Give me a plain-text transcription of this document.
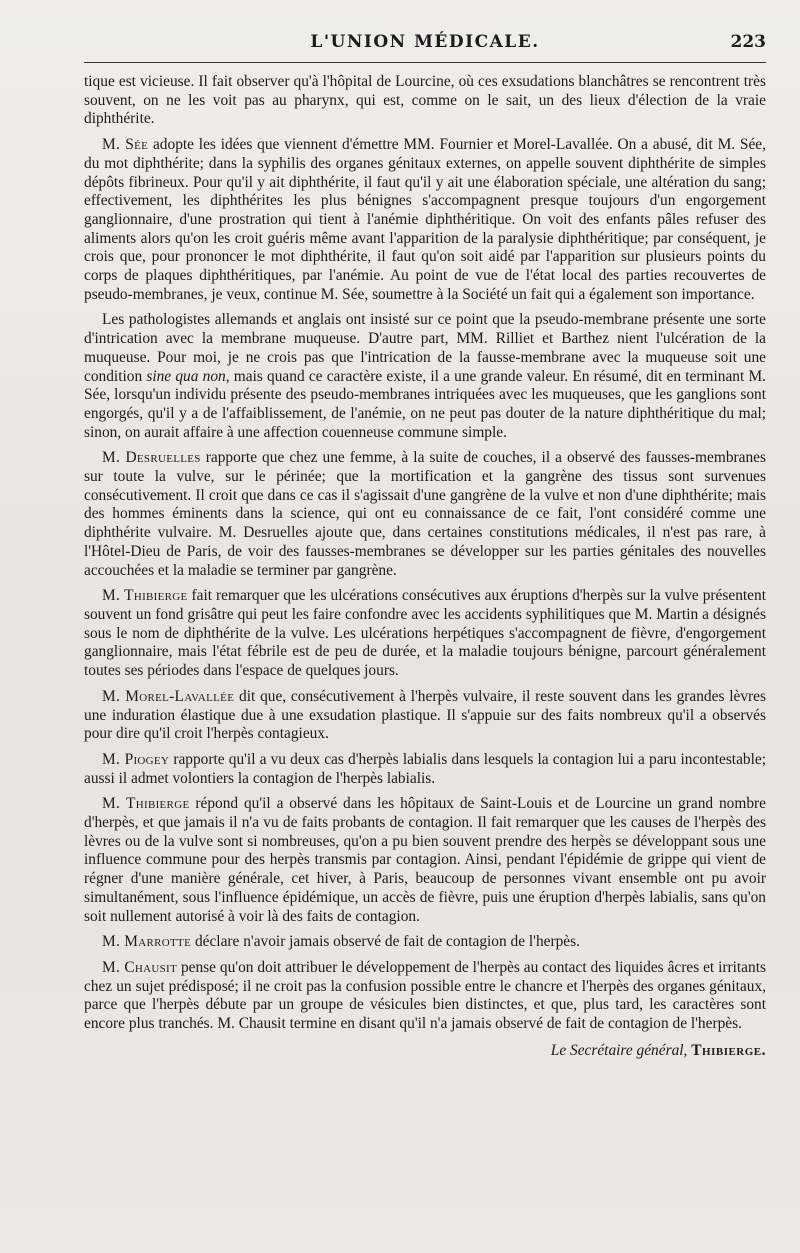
L'UNION MÉDICALE.	223

tique est vicieuse. Il fait observer qu'à l'hôpital de Lourcine, où ces exsudations blanchâtres se rencontrent très souvent, on ne les voit pas au pharynx, qui est, comme on le sait, un des lieux d'élection de la vraie diphthérite.

M. Sée adopte les idées que viennent d'émettre MM. Fournier et Morel-Lavallée. On a abusé, dit M. Sée, du mot diphthérite; dans la syphilis des organes génitaux externes, on appelle souvent diphthérite de simples dépôts fibrineux. Pour qu'il y ait diphthérite, il faut qu'il y ait une élaboration spéciale, une altération du sang; effectivement, les diphthérites les plus bénignes s'accompagnent presque toujours d'un engorgement ganglionnaire, d'une prostration qui tient à l'anémie diphthéritique. On voit des enfants pâles refuser des aliments alors qu'on les croit guéris même avant l'apparition de la paralysie diphthéritique; par conséquent, je crois que, pour prononcer le mot diphthérite, il faut qu'on soit aidé par l'apparition sur plusieurs points du corps de plaques diphthéritiques, par l'anémie. Au point de vue de l'état local des parties recouvertes de pseudo-membranes, je veux, continue M. Sée, soumettre à la Société un fait qui a également son importance.

Les pathologistes allemands et anglais ont insisté sur ce point que la pseudo-membrane présente une sorte d'intrication avec la membrane muqueuse. D'autre part, MM. Rilliet et Barthez nient l'ulcération de la muqueuse. Pour moi, je ne crois pas que l'intrication de la fausse-membrane avec la muqueuse soit une condition sine qua non, mais quand ce caractère existe, il a une grande valeur. En résumé, dit en terminant M. Sée, lorsqu'un individu présente des pseudo-membranes intriquées avec les muqueuses, que les ganglions sont engorgés, qu'il y a de l'affaiblissement, de l'anémie, on ne peut pas douter de la nature diphthéritique du mal; sinon, on aurait affaire à une affection couenneuse commune simple.

M. Desruelles rapporte que chez une femme, à la suite de couches, il a observé des fausses-membranes sur toute la vulve, sur le périnée; que la mortification et la gangrène des tissus sont survenues consécutivement. Il croit que dans ce cas il s'agissait d'une gangrène de la vulve et non d'une diphthérite; mais des hommes éminents dans la science, qui ont eu connaissance de ce fait, l'ont considéré comme une diphthérite vulvaire. M. Desruelles ajoute que, dans certaines constitutions médicales, il n'est pas rare, à l'Hôtel-Dieu de Paris, de voir des fausses-membranes se développer sur les parties génitales des nouvelles accouchées et la maladie se terminer par gangrène.

M. Thibierge fait remarquer que les ulcérations consécutives aux éruptions d'herpès sur la vulve présentent souvent un fond grisâtre qui peut les faire confondre avec les accidents syphilitiques que M. Martin a désignés sous le nom de diphthérite de la vulve. Les ulcérations herpétiques s'accompagnent de fièvre, d'engorgement ganglionnaire, mais l'état fébrile est de peu de durée, et la maladie toujours bénigne, parcourt généralement toutes ses périodes dans l'espace de quelques jours.

M. Morel-Lavallée dit que, consécutivement à l'herpès vulvaire, il reste souvent dans les grandes lèvres une induration élastique due à une exsudation plastique. Il s'appuie sur des faits nombreux qu'il a observés pour dire qu'il croit l'herpès contagieux.

M. Piogey rapporte qu'il a vu deux cas d'herpès labialis dans lesquels la contagion lui a paru incontestable; aussi il admet volontiers la contagion de l'herpès labialis.

M. Thibierge répond qu'il a observé dans les hôpitaux de Saint-Louis et de Lourcine un grand nombre d'herpès, et que jamais il n'a vu de faits probants de contagion. Il fait remarquer que les causes de l'herpès des lèvres ou de la vulve sont si nombreuses, qu'on a pu bien souvent prendre des herpès se développant sous une influence commune pour des herpès transmis par contagion. Ainsi, pendant l'épidémie de grippe qui vient de régner d'une manière générale, cet hiver, à Paris, beaucoup de personnes vivant ensemble ont pu avoir simultanément, sous l'influence épidémique, un accès de fièvre, puis une éruption d'herpès labialis, sans qu'on soit nullement autorisé à voir là des faits de contagion.

M. Marrotte déclare n'avoir jamais observé de fait de contagion de l'herpès.

M. Chausit pense qu'on doit attribuer le développement de l'herpès au contact des liquides âcres et irritants chez un sujet prédisposé; il ne croit pas la confusion possible entre le chancre et l'herpès des organes génitaux, parce que l'herpès débute par un groupe de vésicules bien distinctes, et que, plus tard, les caractères sont encore plus tranchés. M. Chausit termine en disant qu'il n'a jamais observé de fait de contagion de l'herpès.

Le Secrétaire général, Thibierge.
